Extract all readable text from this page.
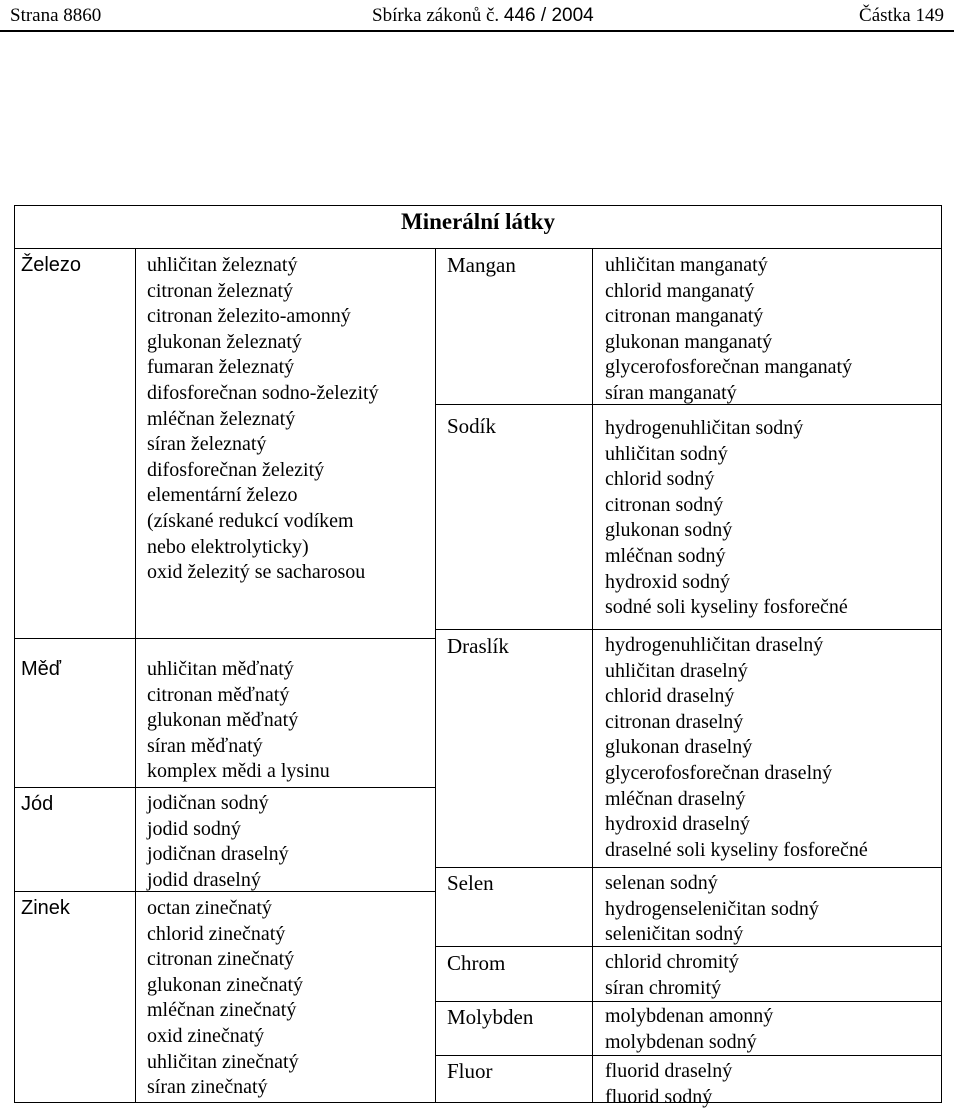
Strana 8860	Sbírka zákonů č. 446 / 2004	Částka 149
Minerální látky
Železo	uhličitan železnatý
citronan železnatý
citronan železito-amonný
glukonan železnatý
fumaran železnatý
difosforečnan sodno-železitý
mléčnan železnatý
síran železnatý
difosforečnan železitý
elementární železo
(získané redukcí vodíkem
nebo elektrolyticky)
oxid železitý se sacharosou
Měď	uhličitan měďnatý
citronan měďnatý
glukonan měďnatý
síran měďnatý
komplex mědi a lysinu
Jód	jodičnan sodný
jodid sodný
jodičnan draselný
jodid draselný
Zinek	octan zinečnatý
chlorid zinečnatý
citronan zinečnatý
glukonan zinečnatý
mléčnan zinečnatý
oxid zinečnatý
uhličitan zinečnatý
síran zinečnatý
Mangan	uhličitan manganatý
chlorid manganatý
citronan manganatý
glukonan manganatý
glycerofosforečnan manganatý
síran manganatý
Sodík	hydrogenuhličitan sodný
uhličitan sodný
chlorid sodný
citronan sodný
glukonan sodný
mléčnan sodný
hydroxid sodný
sodné soli kyseliny fosforečné
Draslík	hydrogenuhličitan draselný
uhličitan draselný
chlorid draselný
citronan draselný
glukonan draselný
glycerofosforečnan draselný
mléčnan draselný
hydroxid draselný
draselné soli kyseliny fosforečné
Selen	selenan sodný
hydrogenseleničitan sodný
seleničitan sodný
Chrom	chlorid chromitý
síran chromitý
Molybden	molybdenan amonný
molybdenan sodný
Fluor	fluorid draselný
fluorid sodný
